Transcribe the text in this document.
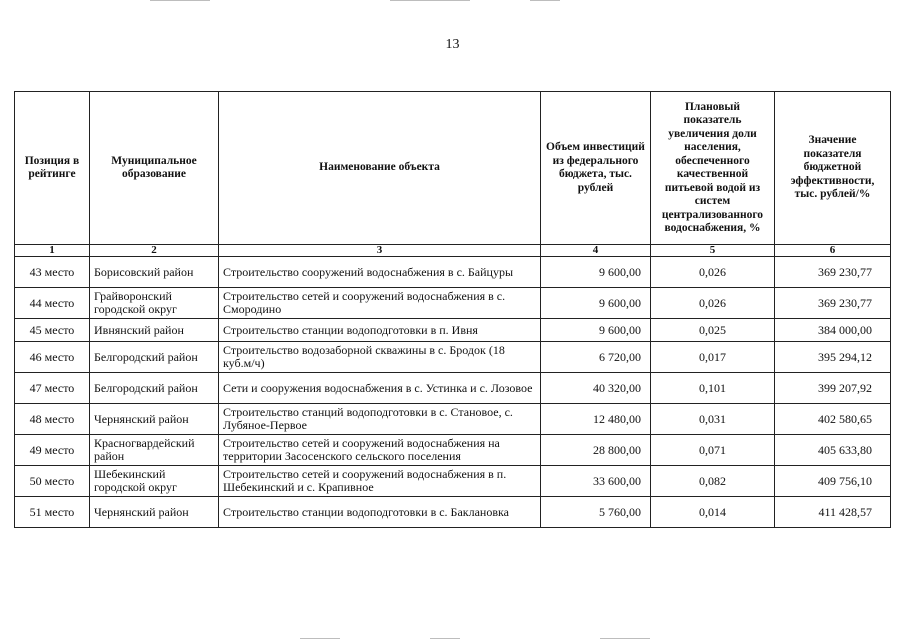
13
Позиция в рейтинге	Муниципальное образование	Наименование объекта	Объем инвестиций из федерального бюджета, тыс. рублей	Плановый показатель увеличения доли населения, обеспеченного качественной питьевой водой из систем централизованного водоснабжения, %	Значение показателя бюджетной эффективности, тыс. рублей/%
1	2	3	4	5	6
43 место	Борисовский район	Строительство сооружений водоснабжения в с. Байцуры	9 600,00	0,026	369 230,77
44 место	Грайворонский городской округ	Строительство сетей и сооружений водоснабжения в с. Смородино	9 600,00	0,026	369 230,77
45 место	Ивнянский район	Строительство станции водоподготовки в п. Ивня	9 600,00	0,025	384 000,00
46 место	Белгородский район	Строительство водозаборной скважины в с. Бродок (18 куб.м/ч)	6 720,00	0,017	395 294,12
47 место	Белгородский район	Сети и сооружения водоснабжения в с. Устинка и с. Лозовое	40 320,00	0,101	399 207,92
48 место	Чернянский район	Строительство станций водоподготовки в с. Становое, с. Лубяное-Первое	12 480,00	0,031	402 580,65
49 место	Красногвардейский район	Строительство сетей и сооружений водоснабжения на территории Засосенского сельского поселения	28 800,00	0,071	405 633,80
50 место	Шебекинский городской округ	Строительство сетей и сооружений водоснабжения в п. Шебекинский и с. Крапивное	33 600,00	0,082	409 756,10
51 место	Чернянский район	Строительство станции водоподготовки в с. Баклановка	5 760,00	0,014	411 428,57
